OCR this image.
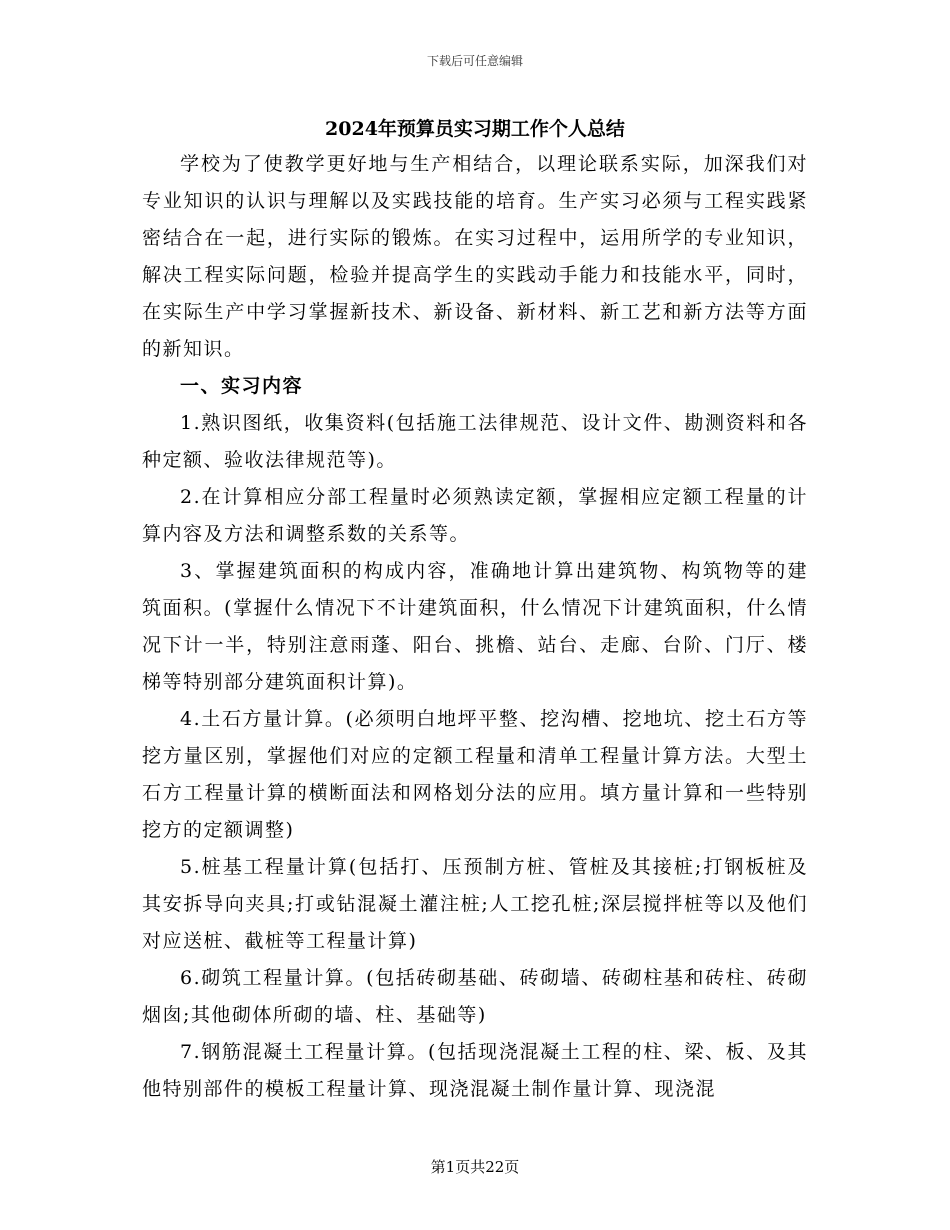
下载后可任意编辑
2024年预算员实习期工作个人总结

学校为了使教学更好地与生产相结合，以理论联系实际，加深我们对专业知识的认识与理解以及实践技能的培育。生产实习必须与工程实践紧密结合在一起，进行实际的锻炼。在实习过程中，运用所学的专业知识，解决工程实际问题，检验并提高学生的实践动手能力和技能水平，同时，在实际生产中学习掌握新技术、新设备、新材料、新工艺和新方法等方面的新知识。

一、实习内容

1.熟识图纸，收集资料(包括施工法律规范、设计文件、勘测资料和各种定额、验收法律规范等)。

2.在计算相应分部工程量时必须熟读定额，掌握相应定额工程量的计算内容及方法和调整系数的关系等。

3、掌握建筑面积的构成内容，准确地计算出建筑物、构筑物等的建筑面积。(掌握什么情况下不计建筑面积，什么情况下计建筑面积，什么情况下计一半，特别注意雨蓬、阳台、挑檐、站台、走廊、台阶、门厅、楼梯等特别部分建筑面积计算)。

4.土石方量计算。(必须明白地坪平整、挖沟槽、挖地坑、挖土石方等挖方量区别，掌握他们对应的定额工程量和清单工程量计算方法。大型土石方工程量计算的横断面法和网格划分法的应用。填方量计算和一些特别挖方的定额调整)

5.桩基工程量计算(包括打、压预制方桩、管桩及其接桩;打钢板桩及其安拆导向夹具;打或钻混凝土灌注桩;人工挖孔桩;深层搅拌桩等以及他们对应送桩、截桩等工程量计算)

6.砌筑工程量计算。(包括砖砌基础、砖砌墙、砖砌柱基和砖柱、砖砌烟囱;其他砌体所砌的墙、柱、基础等)

7.钢筋混凝土工程量计算。(包括现浇混凝土工程的柱、梁、板、及其他特别部件的模板工程量计算、现浇混凝土制作量计算、现浇混

第1页共22页
